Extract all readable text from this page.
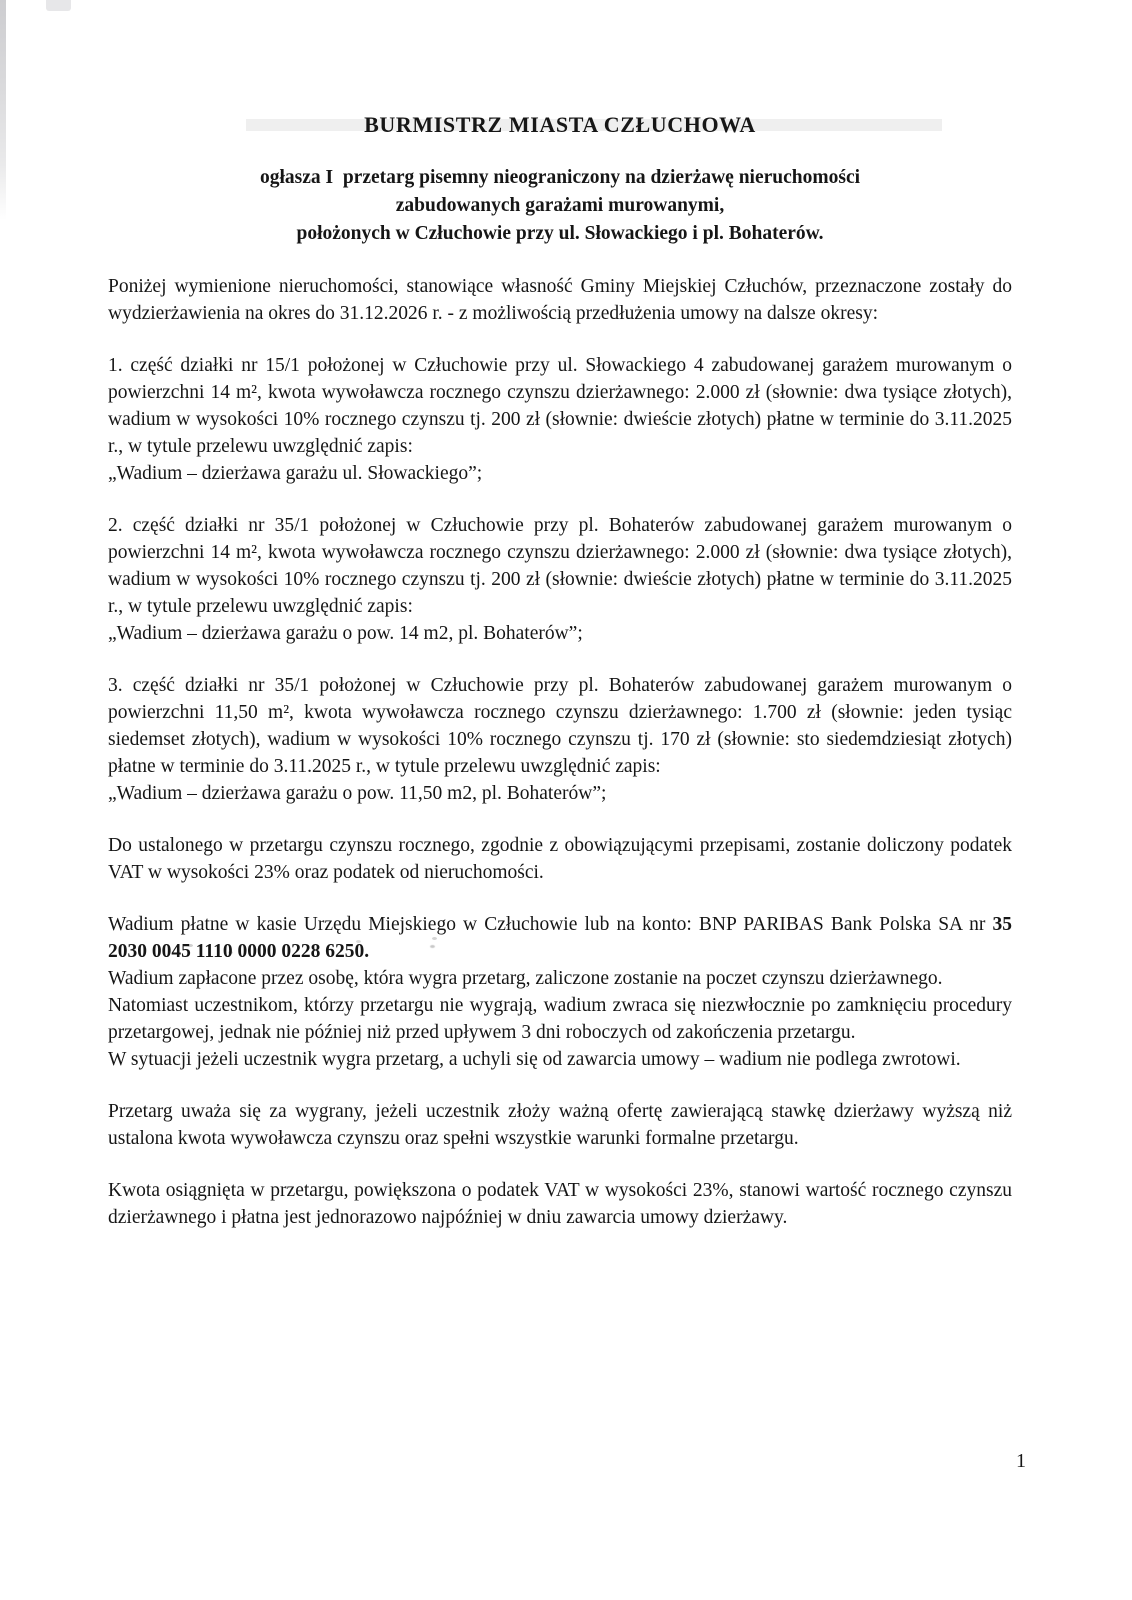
BURMISTRZ MIASTA CZŁUCHOWA
ogłasza I  przetarg pisemny nieograniczony na dzierżawę nieruchomości
zabudowanych garażami murowanymi,
położonych w Człuchowie przy ul. Słowackiego i pl. Bohaterów.

Poniżej wymienione nieruchomości, stanowiące własność Gminy Miejskiej Człuchów, przeznaczone zostały do wydzierżawienia na okres do 31.12.2026 r. - z możliwością przedłużenia umowy na dalsze okresy:

1. część działki nr 15/1 położonej w Człuchowie przy ul. Słowackiego 4 zabudowanej garażem murowanym o powierzchni 14 m², kwota wywoławcza rocznego czynszu dzierżawnego: 2.000 zł (słownie: dwa tysiące złotych), wadium w wysokości 10% rocznego czynszu tj. 200 zł (słownie: dwieście złotych) płatne w terminie do 3.11.2025 r., w tytule przelewu uwzględnić zapis:

„Wadium – dzierżawa garażu ul. Słowackiego”;

2. część działki nr 35/1 położonej w Człuchowie przy pl. Bohaterów zabudowanej garażem murowanym o powierzchni 14 m², kwota wywoławcza rocznego czynszu dzierżawnego: 2.000 zł (słownie: dwa tysiące złotych), wadium w wysokości 10% rocznego czynszu tj. 200 zł (słownie: dwieście złotych) płatne w terminie do 3.11.2025 r., w tytule przelewu uwzględnić zapis:

„Wadium – dzierżawa garażu o pow. 14 m2, pl. Bohaterów”;

3. część działki nr 35/1 położonej w Człuchowie przy pl. Bohaterów zabudowanej garażem murowanym o powierzchni 11,50 m², kwota wywoławcza rocznego czynszu dzierżawnego: 1.700 zł (słownie: jeden tysiąc siedemset złotych), wadium w wysokości 10% rocznego czynszu tj. 170 zł (słownie: sto siedemdziesiąt złotych) płatne w terminie do 3.11.2025 r., w tytule przelewu uwzględnić zapis:

„Wadium – dzierżawa garażu o pow. 11,50 m2, pl. Bohaterów”;

Do ustalonego w przetargu czynszu rocznego, zgodnie z obowiązującymi przepisami, zostanie doliczony podatek VAT w wysokości 23% oraz podatek od nieruchomości.

Wadium płatne w kasie Urzędu Miejskiego w Człuchowie lub na konto: BNP PARIBAS Bank Polska SA nr 35 2030 0045 1110 0000 0228 6250.

Wadium zapłacone przez osobę, która wygra przetarg, zaliczone zostanie na poczet czynszu dzierżawnego.

Natomiast uczestnikom, którzy przetargu nie wygrają, wadium zwraca się niezwłocznie po zamknięciu procedury przetargowej, jednak nie później niż przed upływem 3 dni roboczych od zakończenia przetargu.

W sytuacji jeżeli uczestnik wygra przetarg, a uchyli się od zawarcia umowy – wadium nie podlega zwrotowi.

Przetarg uważa się za wygrany, jeżeli uczestnik złoży ważną ofertę zawierającą stawkę dzierżawy wyższą niż ustalona kwota wywoławcza czynszu oraz spełni wszystkie warunki formalne przetargu.

Kwota osiągnięta w przetargu, powiększona o podatek VAT w wysokości 23%, stanowi wartość rocznego czynszu dzierżawnego i płatna jest jednorazowo najpóźniej w dniu zawarcia umowy dzierżawy.

1
